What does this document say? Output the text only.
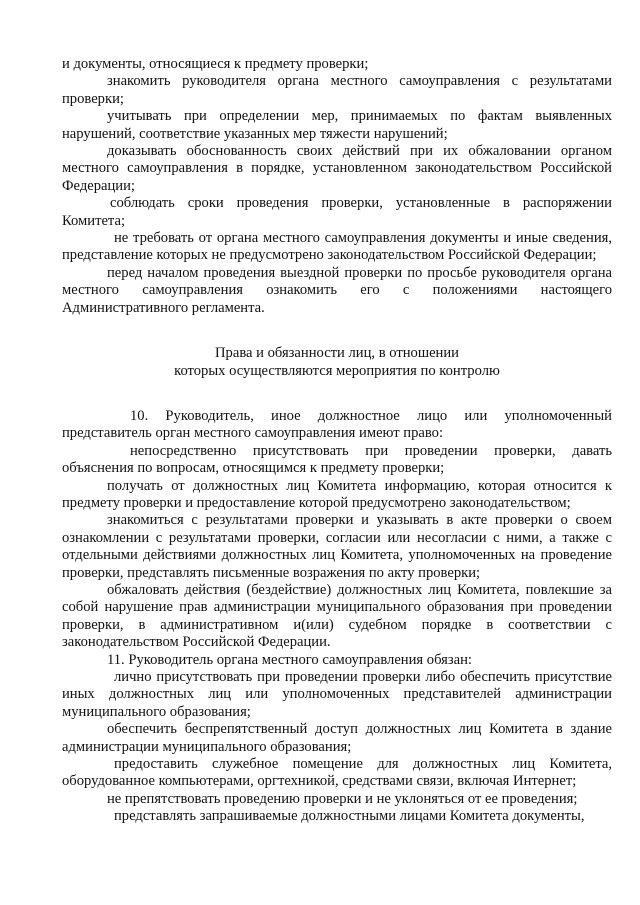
и документы, относящиеся к предмету проверки;

знакомить руководителя органа местного самоуправления с результатами проверки;

учитывать при определении мер, принимаемых по фактам выявленных нарушений, соответствие указанных мер тяжести нарушений;

доказывать обоснованность своих действий при их обжаловании органом местного самоуправления в порядке, установленном законодательством Российской Федерации;

соблюдать сроки проведения проверки, установленные в распоряжении Комитета;

не требовать от органа местного самоуправления документы и иные сведения, представление которых не предусмотрено законодательством Российской Федерации;

перед началом проведения выездной проверки по просьбе руководителя органа местного самоуправления ознакомить его с положениями настоящего Административного регламента.

Права и обязанности лиц, в отношении
которых осуществляются мероприятия по контролю

10. Руководитель, иное должностное лицо или уполномоченный представитель орган местного самоуправления имеют право:

непосредственно присутствовать при проведении проверки, давать объяснения по вопросам, относящимся к предмету проверки;

получать от должностных лиц Комитета информацию, которая относится к предмету проверки и предоставление которой предусмотрено законодательством;

знакомиться с результатами проверки и указывать в акте проверки о своем ознакомлении с результатами проверки, согласии или несогласии с ними, а также с отдельными действиями должностных лиц Комитета, уполномоченных на проведение проверки, представлять письменные возражения по акту проверки;

обжаловать действия (бездействие) должностных лиц Комитета, повлекшие за собой нарушение прав администрации муниципального образования при проведении проверки, в административном и(или) судебном порядке в соответствии с законодательством Российской Федерации.

11. Руководитель органа местного самоуправления обязан:

лично присутствовать при проведении проверки либо обеспечить присутствие иных должностных лиц или уполномоченных представителей администрации муниципального образования;

обеспечить беспрепятственный доступ должностных лиц Комитета в здание администрации муниципального образования;

предоставить служебное помещение для должностных лиц Комитета, оборудованное компьютерами, оргтехникой, средствами связи, включая Интернет;

не препятствовать проведению проверки и не уклоняться от ее проведения;

представлять запрашиваемые должностными лицами Комитета документы,
